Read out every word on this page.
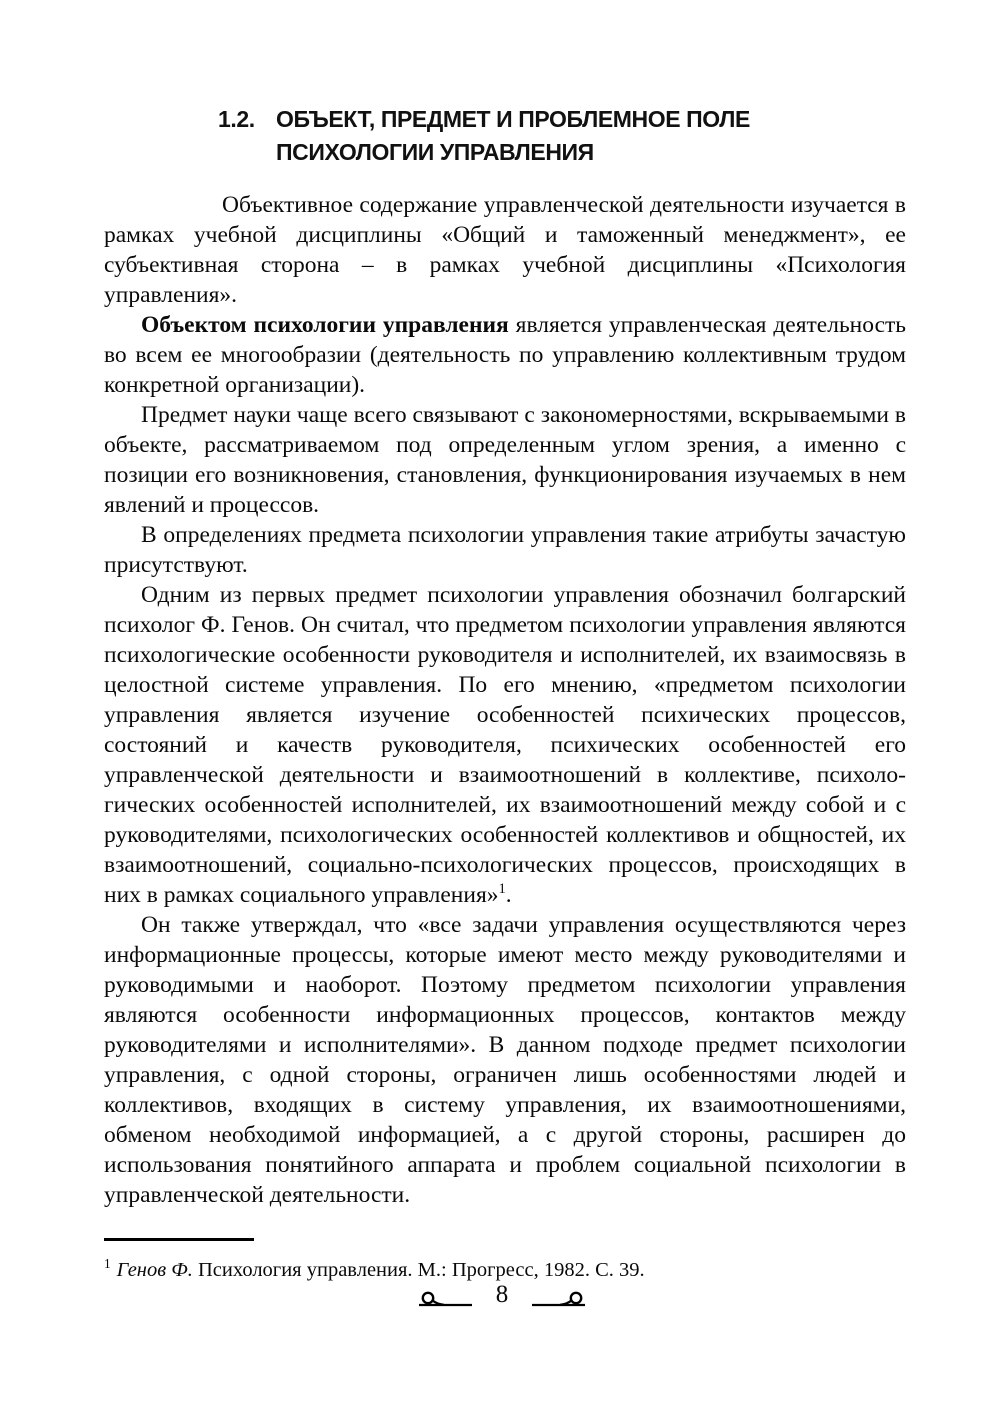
1.2. ОБЪЕКТ, ПРЕДМЕТ И ПРОБЛЕМНОЕ ПОЛЕ
ПСИХОЛОГИИ УПРАВЛЕНИЯ

Объективное содержание управленческой деятельности изучается в рамках учебной дисциплины «Общий и таможенный менеджмент», ее субъективная сторона – в рамках учебной дисциплины «Психология управления».

Объектом психологии управления является управленческая деятельность во всем ее многообразии (деятельность по управлению коллективным трудом конкретной организации).

Предмет науки чаще всего связывают с закономерностями, вскрываемыми в объекте, рассматриваемом под определенным углом зрения, а именно с позиции его возникновения, становления, функционирования изучаемых в нем явлений и процессов.

В определениях предмета психологии управления такие атрибуты зачастую присутствуют.

Одним из первых предмет психологии управления обозначил болгарский психолог Ф. Генов. Он считал, что предметом психологии управления являются психологические особенности руководителя и исполнителей, их взаимосвязь в целостной системе управления. По его мнению, «предметом психологии управления является изучение особенностей психических процессов, состояний и качеств руководителя, психических особенностей его управленческой деятельности и взаимоотношений в коллективе, психологических особенностей исполнителей, их взаимоотношений между собой и с руководителями, психологических особенностей коллективов и общностей, их взаимоотношений, социально-психологических процессов, происходящих в них в рамках социального управления»$^1$.

Он также утверждал, что «все задачи управления осуществляются через информационные процессы, которые имеют место между руководителями и руководимыми и наоборот. Поэтому предметом психологии управления являются особенности информационных процессов, контактов между руководителями и исполнителями». В данном подходе предмет психологии управления, с одной стороны, ограничен лишь особенностями людей и коллективов, входящих в систему управления, их взаимоотношениями, обменом необходимой информацией, а с другой стороны, расширен до использования понятийного аппарата и проблем социальной психологии в управленческой деятельности.

$^1$ Генов Ф. Психология управления. М.: Прогресс, 1982. С. 39.

8
